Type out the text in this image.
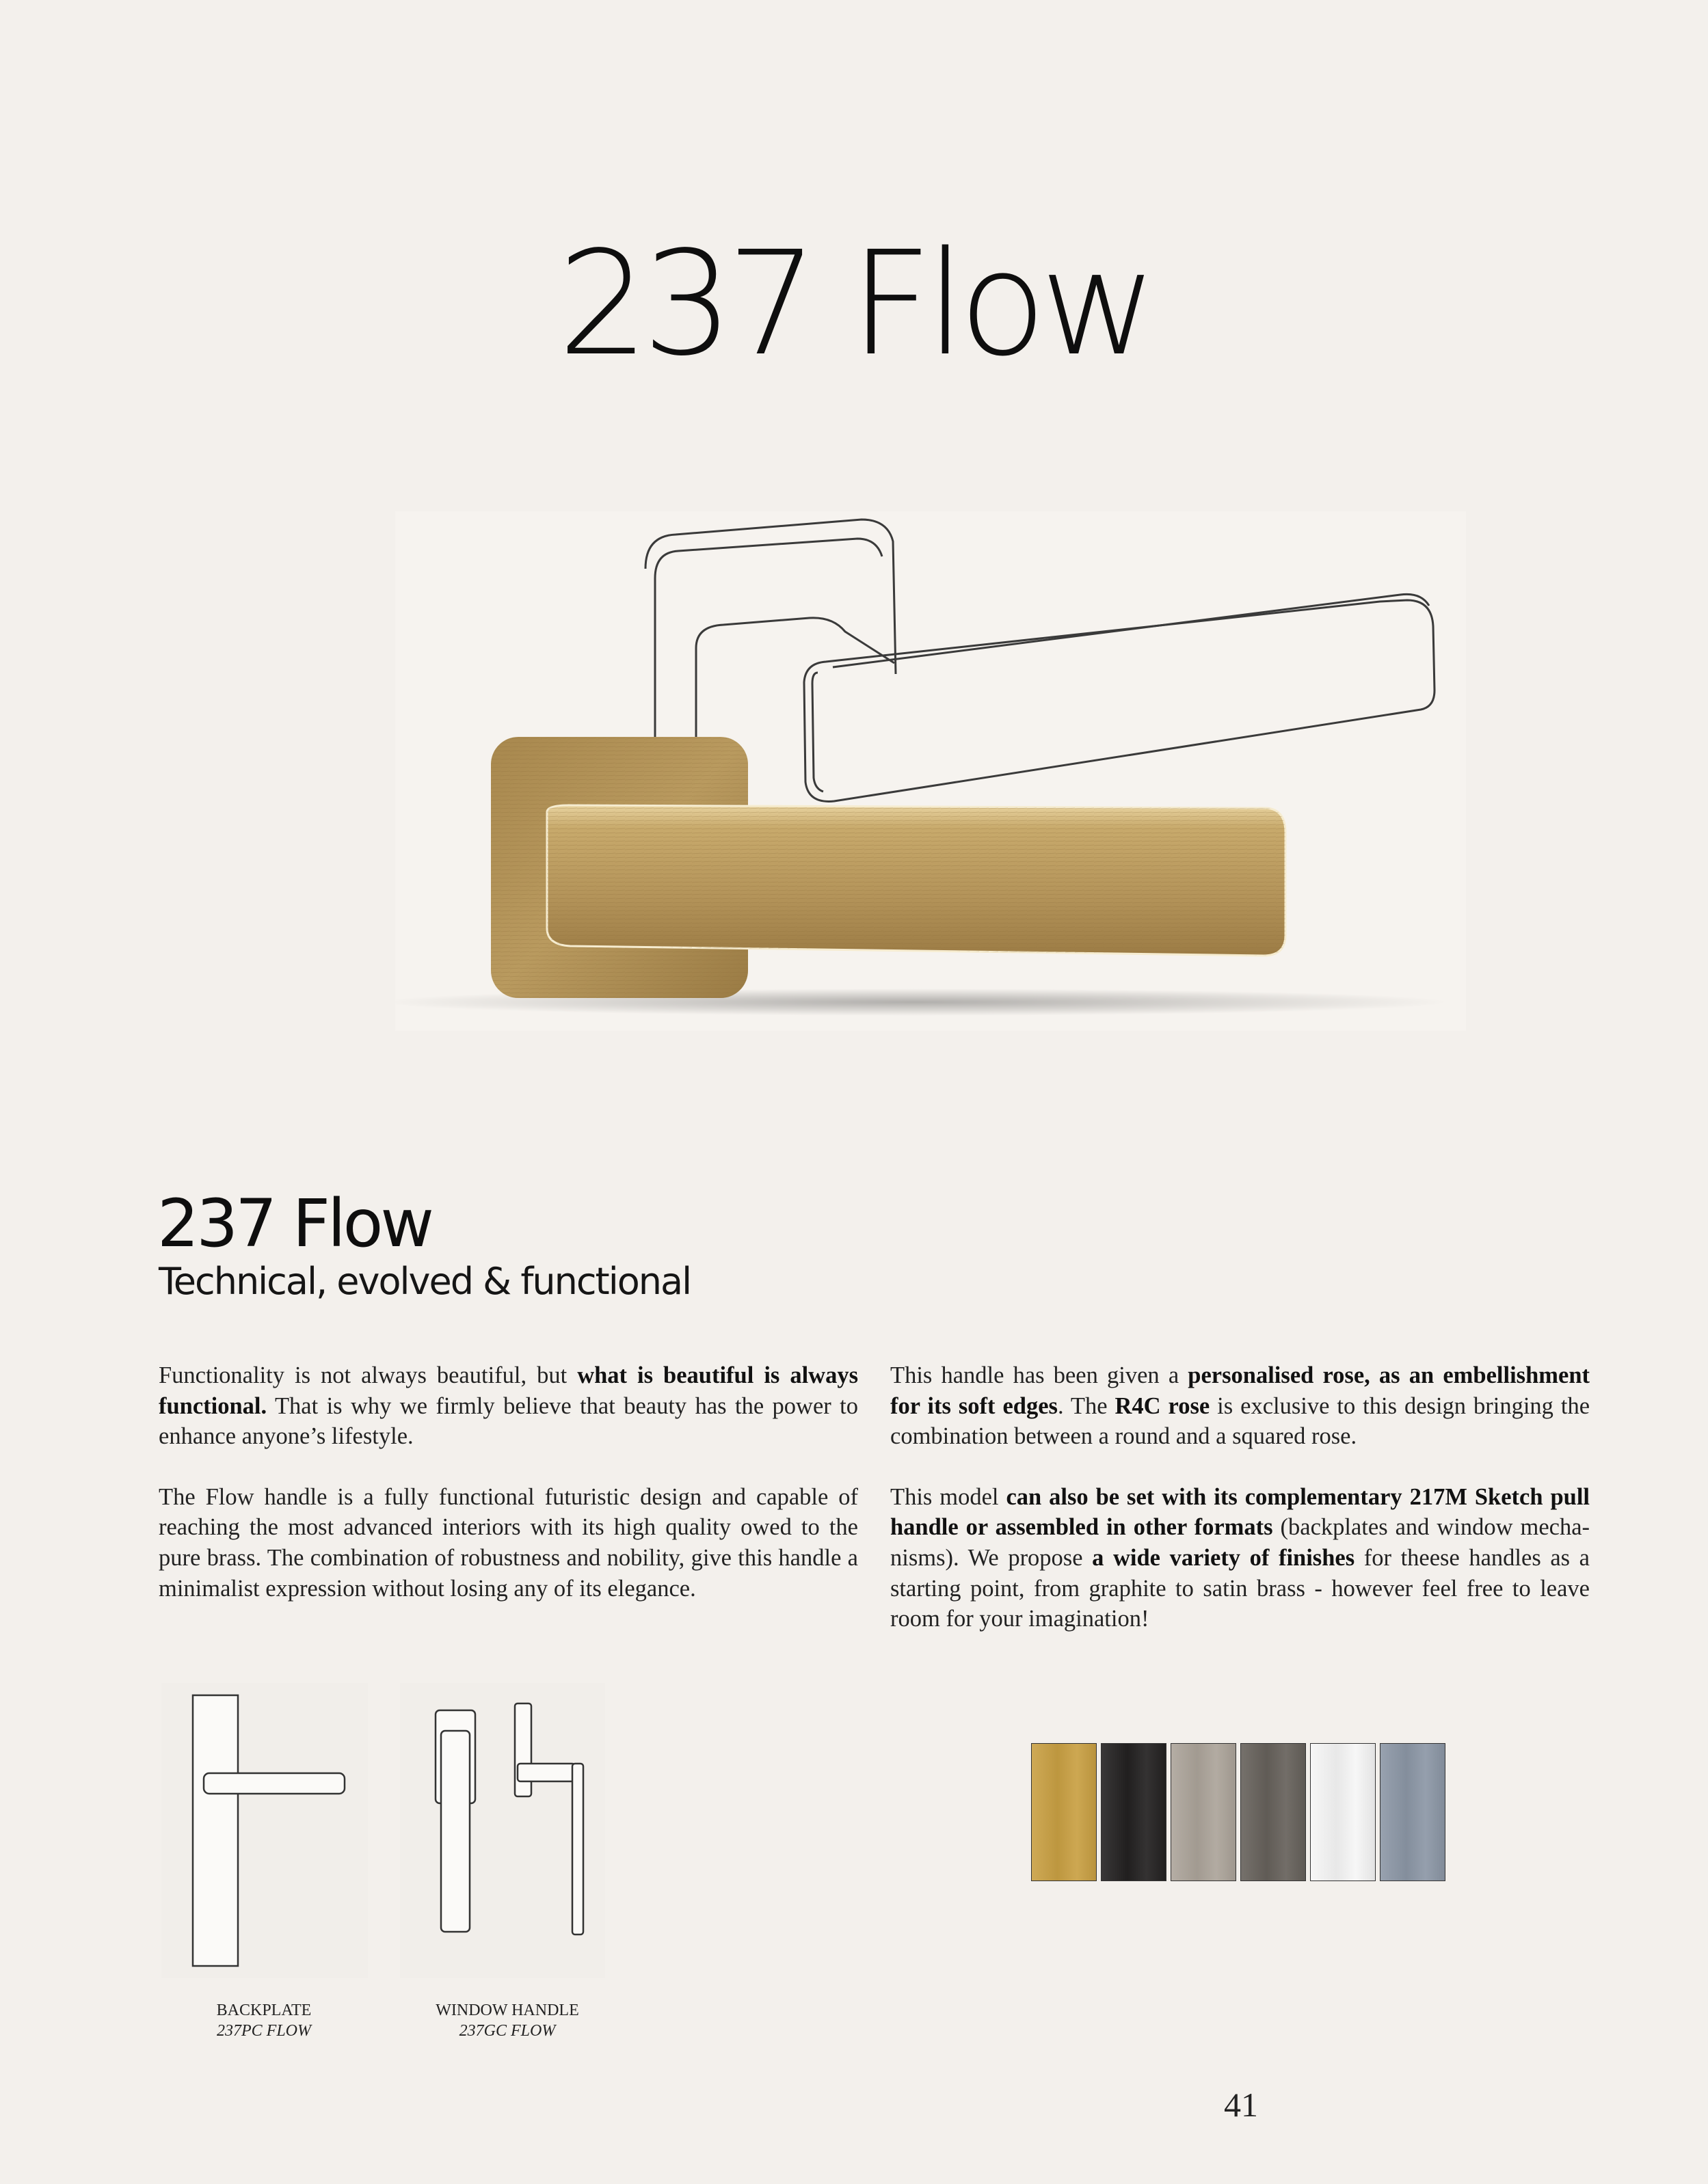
237 Flow
237 Flow
Technical, evolved & functional

Functionality is not always beautiful, but what is beautiful is always functional. That is why we firmly believe that beauty has the power to enhance anyone’s lifestyle.

The Flow handle is a fully functional futuristic design and capable of reaching the most advanced interiors with its high quality owed to the pure brass. The combination of robustness and nobility, give this handle a minimalist expression without losing any of its elegance.

This handle has been given a personalised rose, as an embellishment for its soft edges. The R4C rose is exclusive to this design bringing the combination between a round and a squared rose.

This model can also be set with its complementary 217M Sketch pull handle or assembled in other formats (backplates and window mecha-nisms). We propose a wide variety of finishes for theese handles as a starting point, from graphite to satin brass - however feel free to leave room for your imagination!

BACKPLATE
237PC FLOW
WINDOW HANDLE
237GC FLOW
41
